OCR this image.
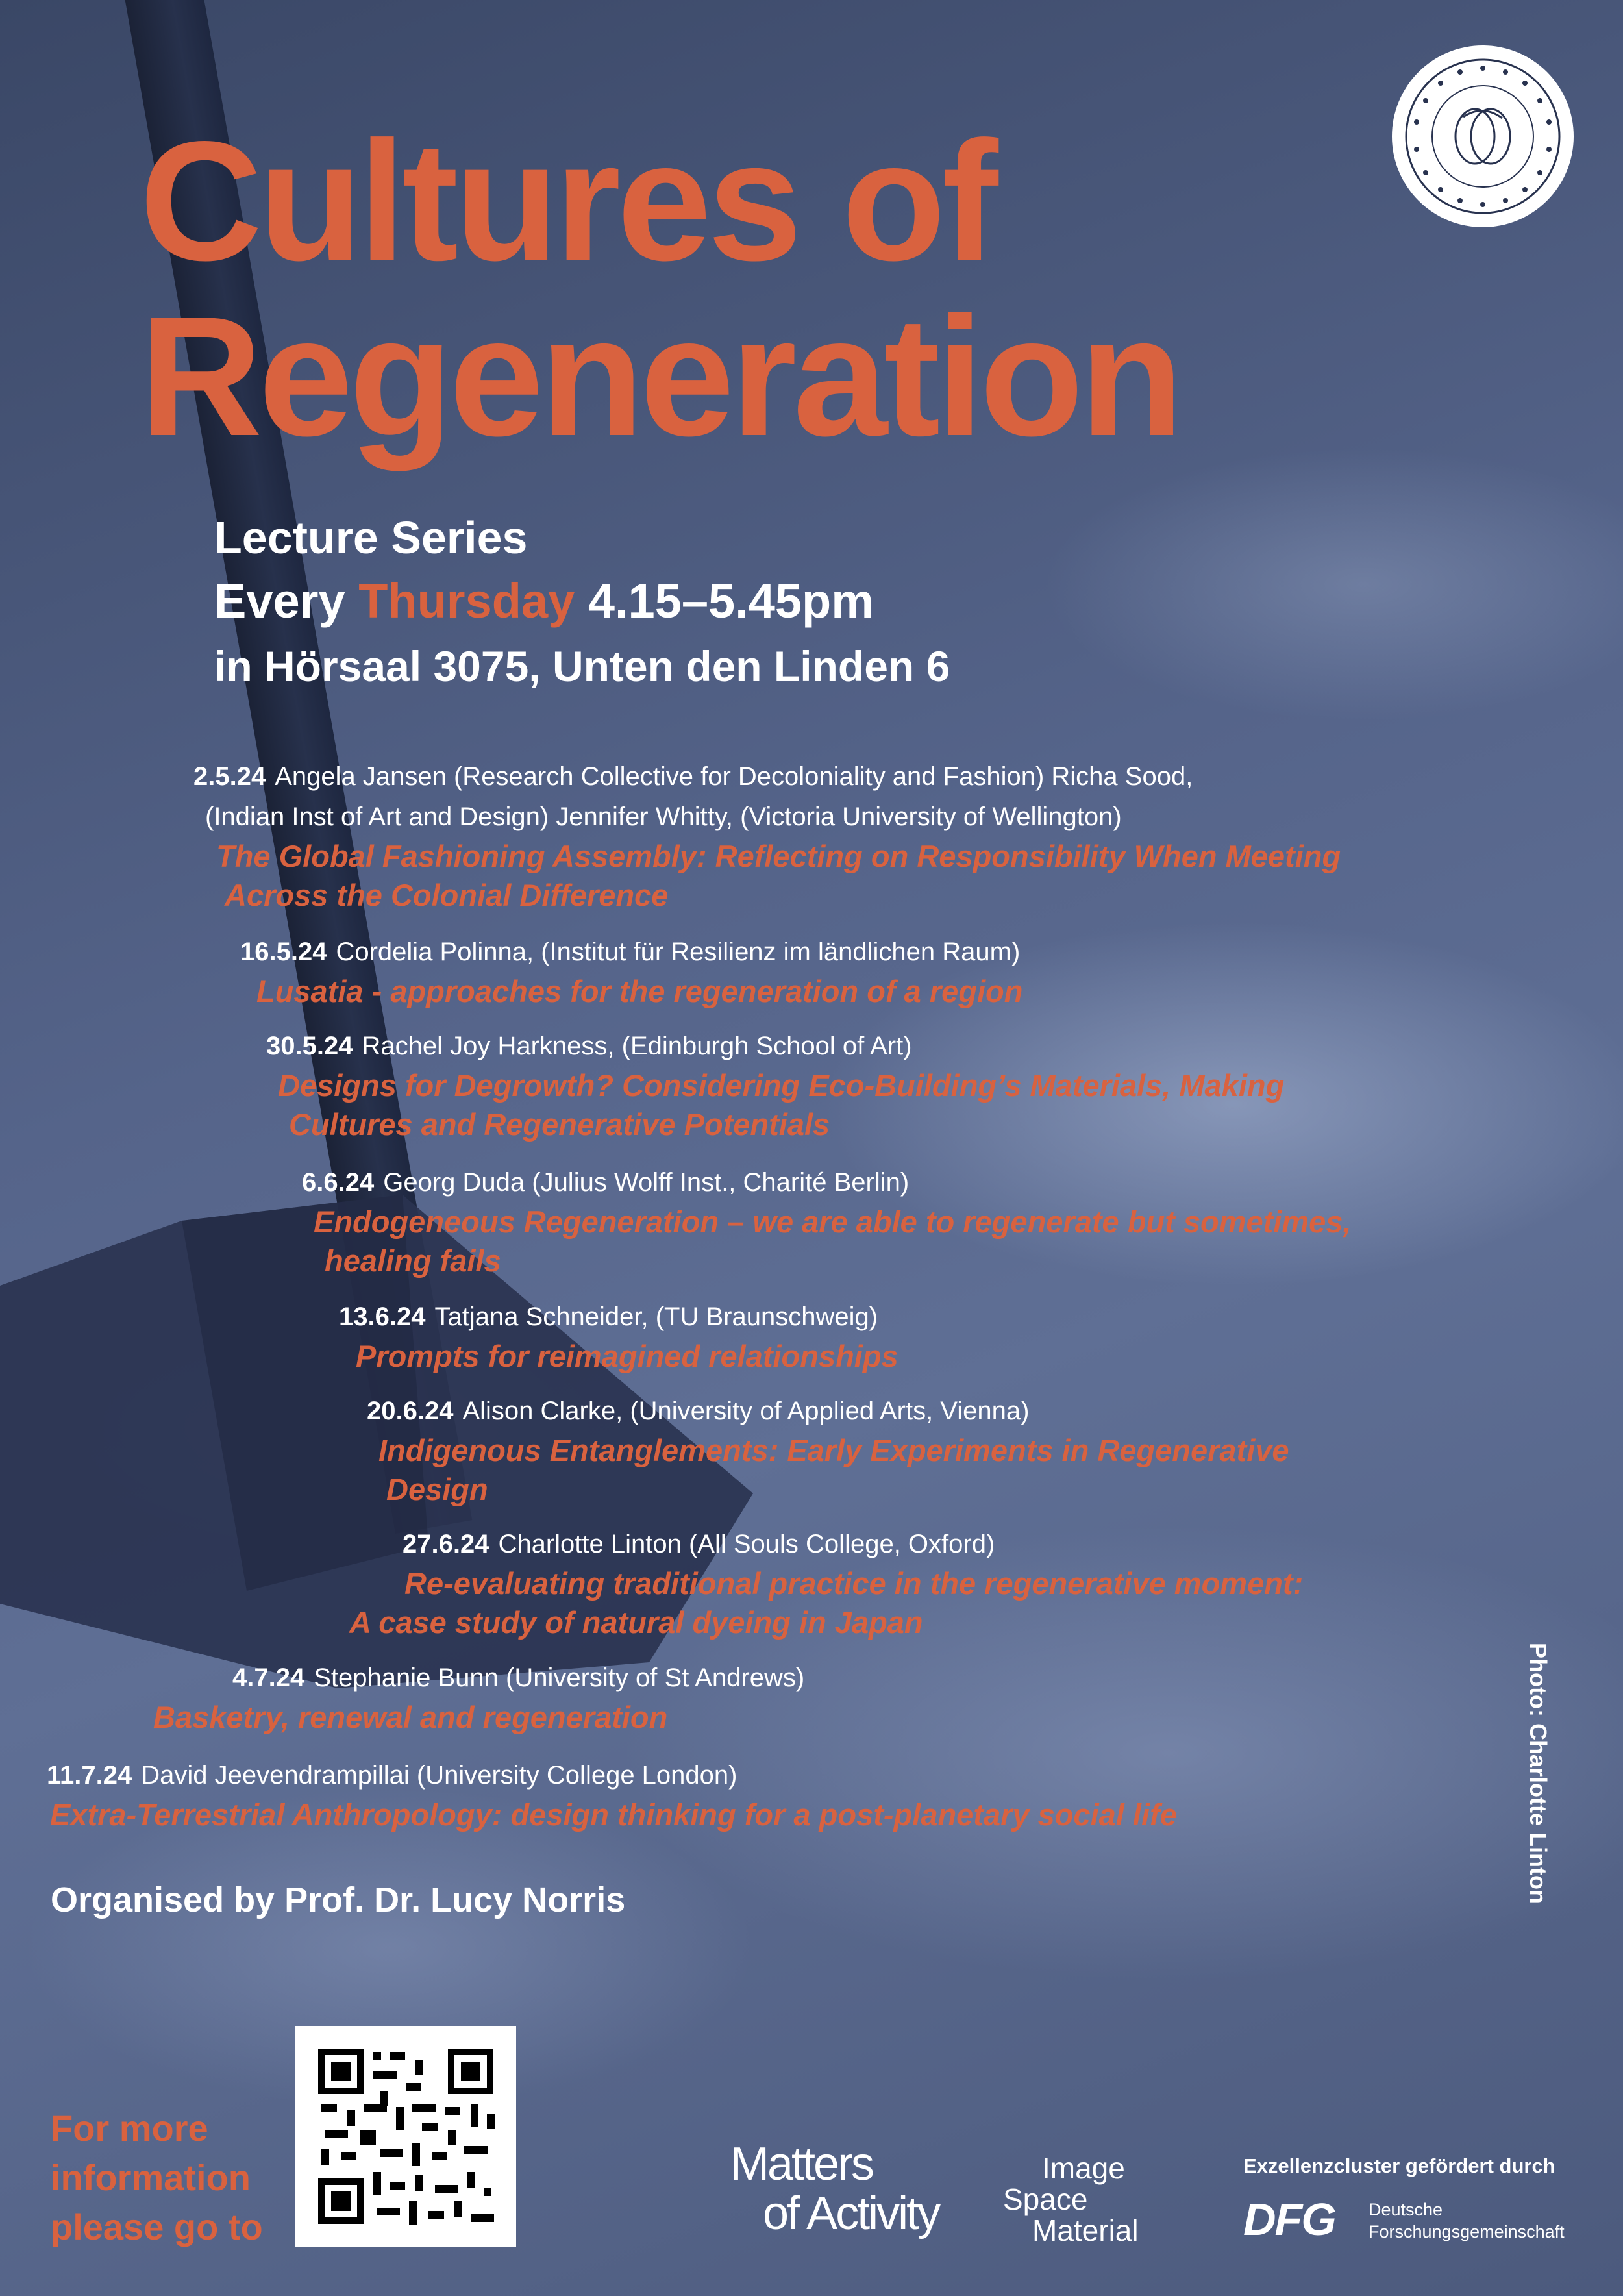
Cultures of
Regeneration
Lecture Series
Every Thursday 4.15–5.45pm
in Hörsaal 3075, Unten den Linden 6
2.5.24 Angela Jansen (Research Collective for Decoloniality and Fashion) Richa Sood,
(Indian Inst of Art and Design) Jennifer Whitty, (Victoria University of Wellington)
The Global Fashioning Assembly: Reflecting on Responsibility When Meeting
Across the Colonial Difference
16.5.24 Cordelia Polinna, (Institut für Resilienz im ländlichen Raum)
Lusatia - approaches for the regeneration of a region
30.5.24 Rachel Joy Harkness, (Edinburgh School of Art)
Designs for Degrowth? Considering Eco-Building’s Materials, Making
Cultures and Regenerative Potentials
6.6.24 Georg Duda (Julius Wolff Inst., Charité Berlin)
Endogeneous Regeneration – we are able to regenerate but sometimes,
healing fails
13.6.24 Tatjana Schneider, (TU Braunschweig)
Prompts for reimagined relationships
20.6.24 Alison Clarke, (University of Applied Arts, Vienna)
Indigenous Entanglements: Early Experiments in Regenerative
Design
27.6.24 Charlotte Linton (All Souls College, Oxford)
Re-evaluating traditional practice in the regenerative moment:
A case study of natural dyeing in Japan
4.7.24 Stephanie Bunn (University of St Andrews)
Basketry, renewal and regeneration
11.7.24 David Jeevendrampillai (University College London)
Extra-Terrestrial Anthropology: design thinking for a post-planetary social life
Organised by Prof. Dr. Lucy Norris
For more
information
please go to
Matters
of Activity
Image
Space
Material
Exzellenzcluster gefördert durch
DFG Deutsche
Forschungsgemeinschaft
Photo: Charlotte Linton
